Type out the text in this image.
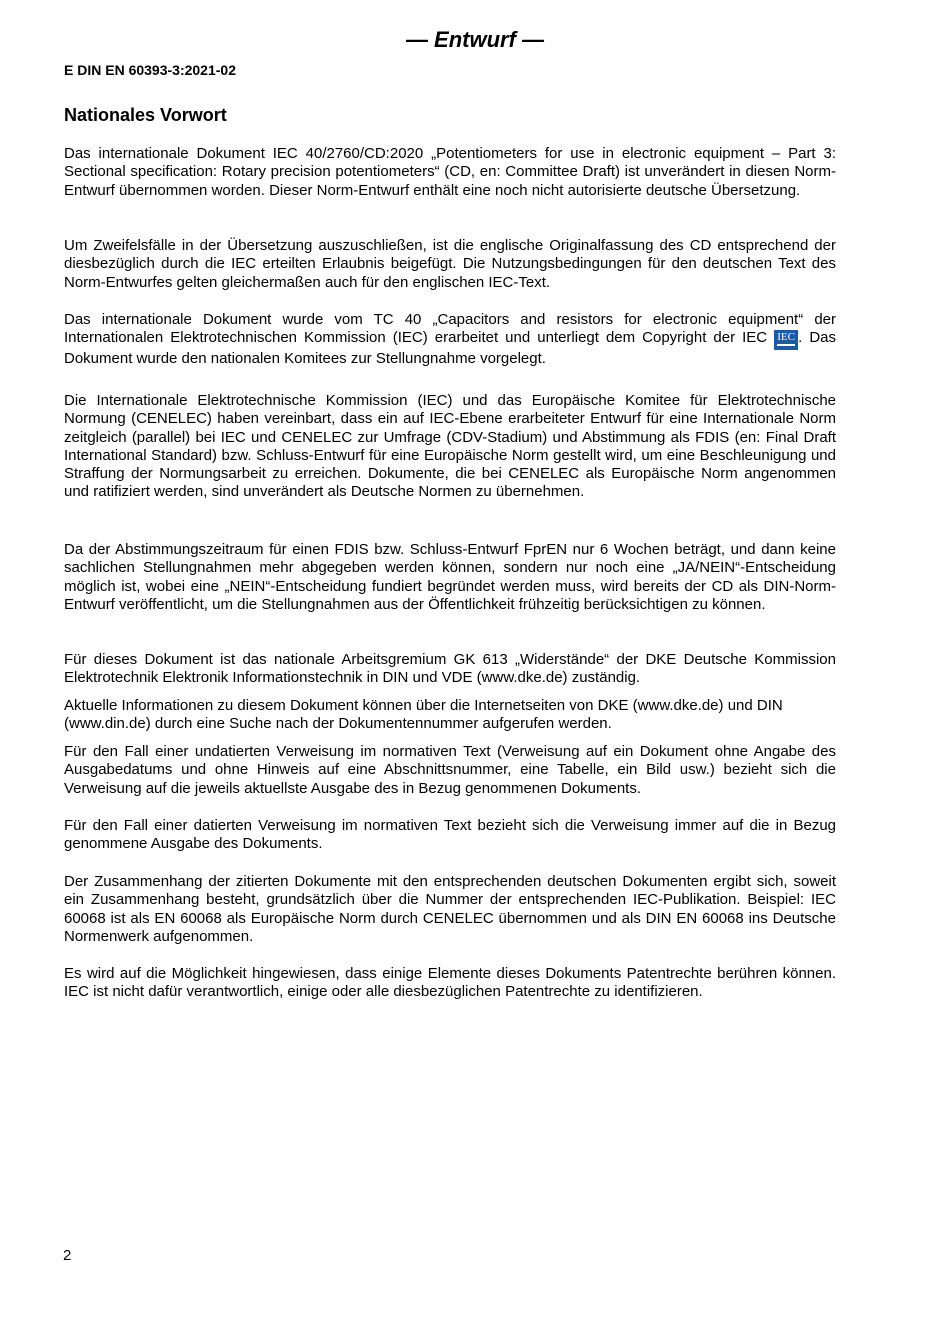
— Entwurf —
E DIN EN 60393-3:2021-02
Nationales Vorwort

Das internationale Dokument IEC 40/2760/CD:2020 „Potentiometers for use in electronic equipment – Part 3: Sectional specification: Rotary precision potentiometers“ (CD, en: Committee Draft) ist unverändert in diesen Norm-Entwurf übernommen worden. Dieser Norm-Entwurf enthält eine noch nicht autorisierte deutsche Übersetzung.

Um Zweifelsfälle in der Übersetzung auszuschließen, ist die englische Originalfassung des CD entsprechend der diesbezüglich durch die IEC erteilten Erlaubnis beigefügt. Die Nutzungsbedingungen für den deutschen Text des Norm-Entwurfes gelten gleichermaßen auch für den englischen IEC-Text.

Das internationale Dokument wurde vom TC 40 „Capacitors and resistors for electronic equipment“ der Internationalen Elektrotechnischen Kommission (IEC) erarbeitet und unterliegt dem Copyright der IEC IEC . Das Dokument wurde den nationalen Komitees zur Stellungnahme vorgelegt.

Die Internationale Elektrotechnische Kommission (IEC) und das Europäische Komitee für Elektrotechnische Normung (CENELEC) haben vereinbart, dass ein auf IEC-Ebene erarbeiteter Entwurf für eine Internationale Norm zeitgleich (parallel) bei IEC und CENELEC zur Umfrage (CDV-Stadium) und Abstimmung als FDIS (en: Final Draft International Standard) bzw. Schluss-Entwurf für eine Europäische Norm gestellt wird, um eine Beschleunigung und Straffung der Normungsarbeit zu erreichen. Dokumente, die bei CENELEC als Europäische Norm angenommen und ratifiziert werden, sind unverändert als Deutsche Normen zu übernehmen.

Da der Abstimmungszeitraum für einen FDIS bzw. Schluss-Entwurf FprEN nur 6 Wochen beträgt, und dann keine sachlichen Stellungnahmen mehr abgegeben werden können, sondern nur noch eine „JA/NEIN“-Entscheidung möglich ist, wobei eine „NEIN“-Entscheidung fundiert begründet werden muss, wird bereits der CD als DIN-Norm-Entwurf veröffentlicht, um die Stellungnahmen aus der Öffentlichkeit frühzeitig berücksichtigen zu können.

Für dieses Dokument ist das nationale Arbeitsgremium GK 613 „Widerstände“ der DKE Deutsche Kommission Elektrotechnik Elektronik Informationstechnik in DIN und VDE (www.dke.de) zuständig.

Aktuelle Informationen zu diesem Dokument können über die Internetseiten von DKE (www.dke.de) und DIN (www.din.de) durch eine Suche nach der Dokumentennummer aufgerufen werden.

Für den Fall einer undatierten Verweisung im normativen Text (Verweisung auf ein Dokument ohne Angabe des Ausgabedatums und ohne Hinweis auf eine Abschnittsnummer, eine Tabelle, ein Bild usw.) bezieht sich die Verweisung auf die jeweils aktuellste Ausgabe des in Bezug genommenen Dokuments.

Für den Fall einer datierten Verweisung im normativen Text bezieht sich die Verweisung immer auf die in Bezug genommene Ausgabe des Dokuments.

Der Zusammenhang der zitierten Dokumente mit den entsprechenden deutschen Dokumenten ergibt sich, soweit ein Zusammenhang besteht, grundsätzlich über die Nummer der entsprechenden IEC-Publikation. Beispiel: IEC 60068 ist als EN 60068 als Europäische Norm durch CENELEC übernommen und als DIN EN 60068 ins Deutsche Normenwerk aufgenommen.

Es wird auf die Möglichkeit hingewiesen, dass einige Elemente dieses Dokuments Patentrechte berühren können. IEC ist nicht dafür verantwortlich, einige oder alle diesbezüglichen Patentrechte zu identifizieren.

2
